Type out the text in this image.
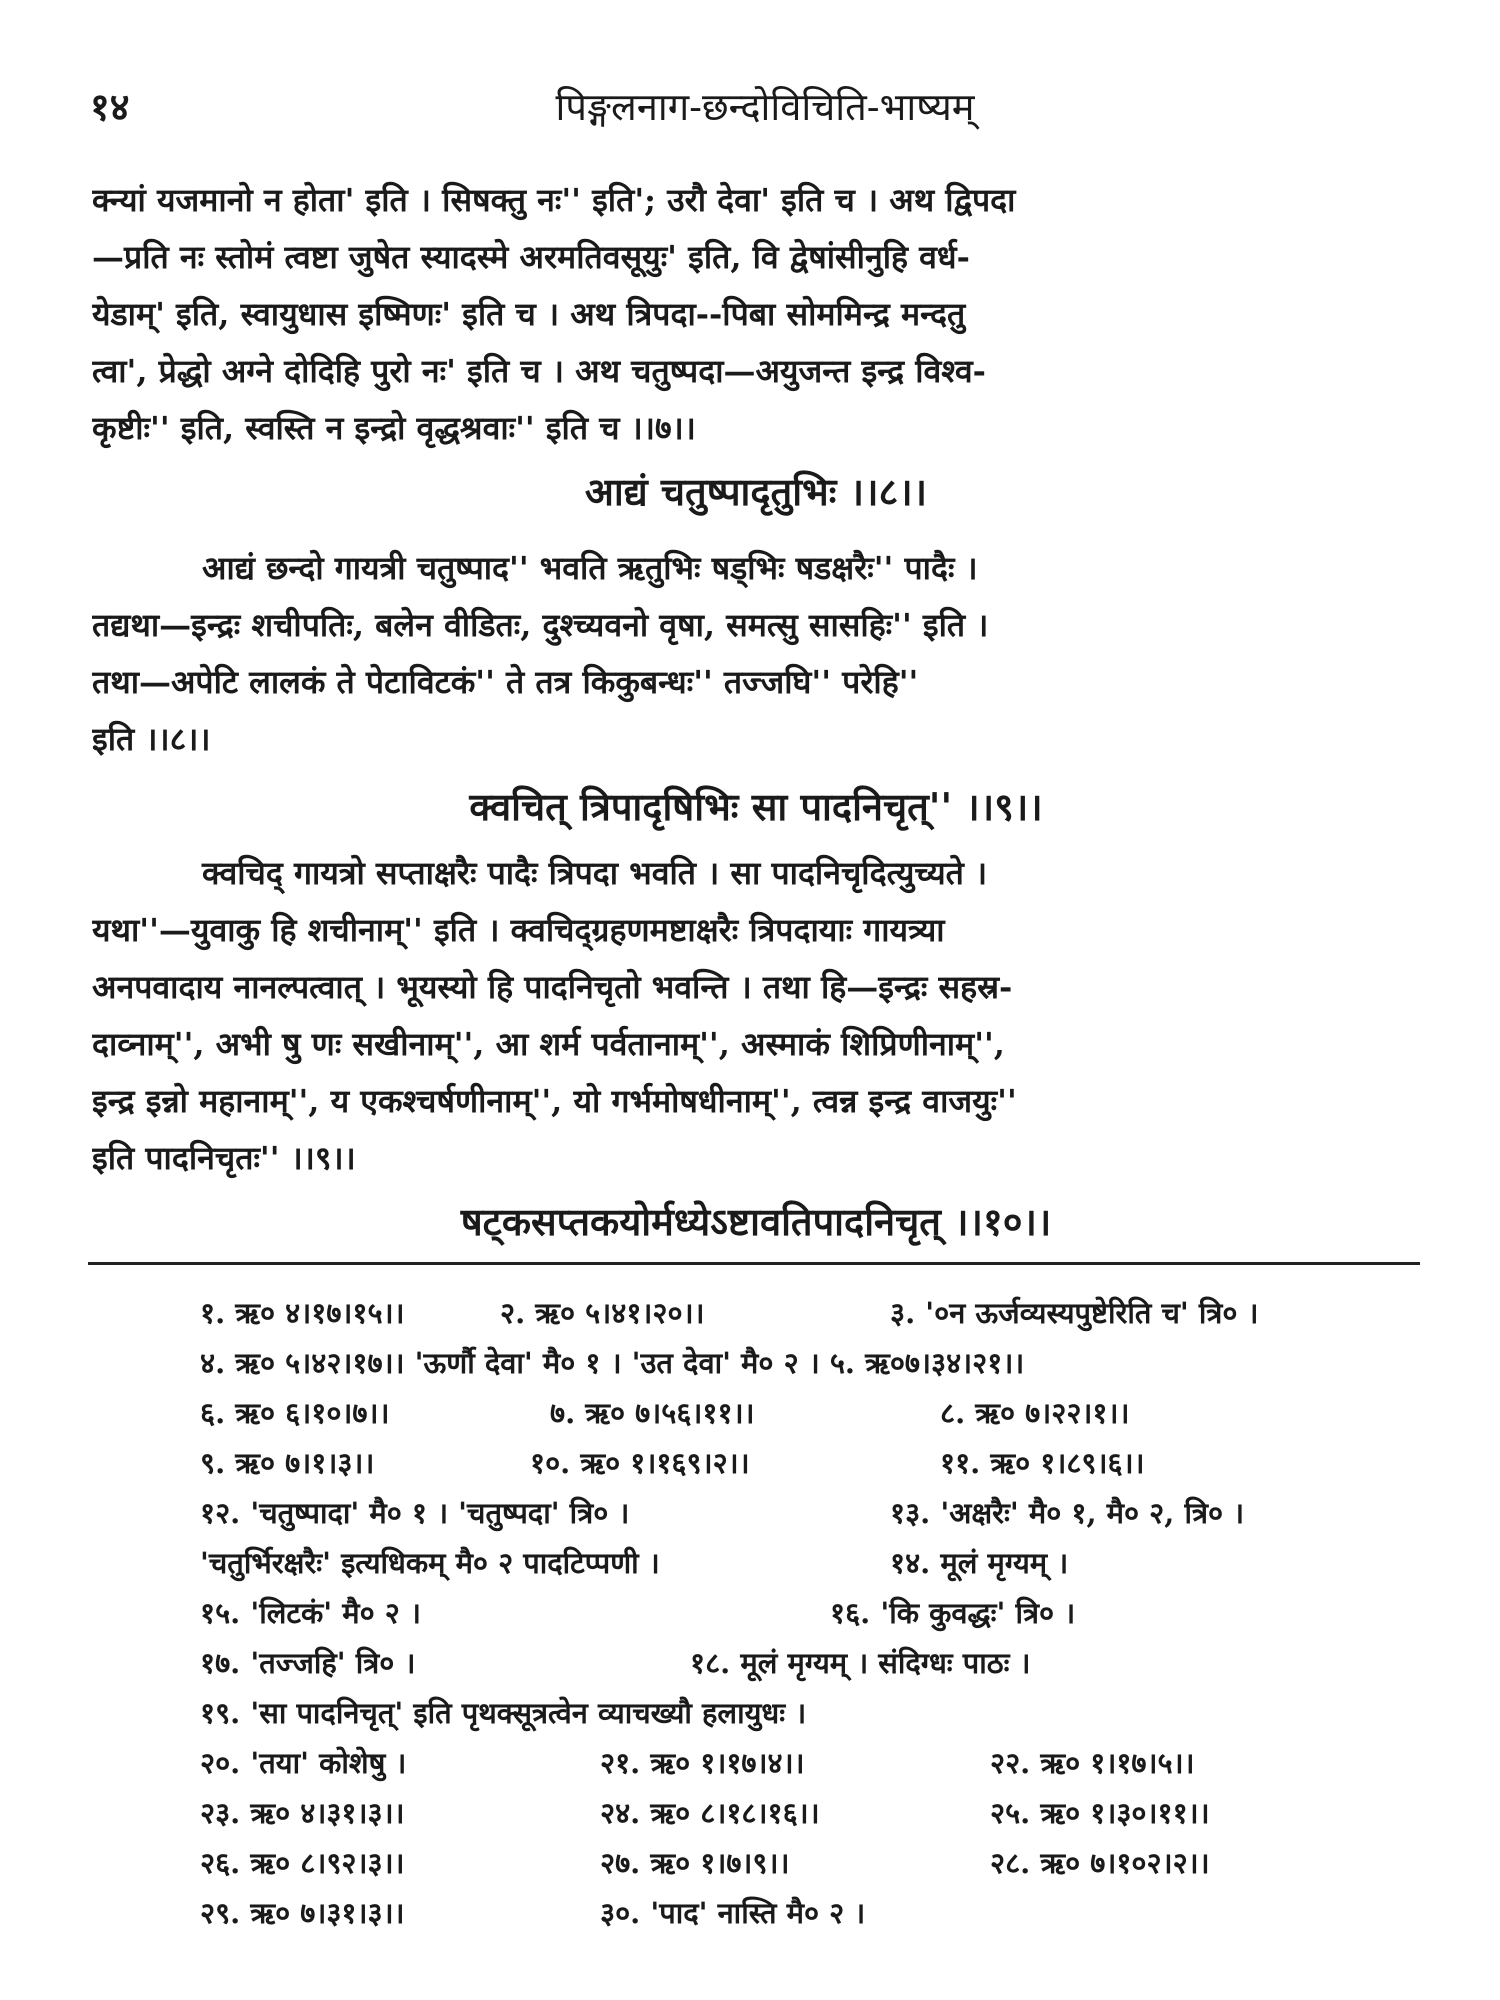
१४	पिङ्गलनाग-छन्दोविचिति-भाष्यम्
क्न्यां यजमानो न होता' इति । सिषक्तु नः'' इति'; उरौ देवा' इति च । अथ द्विपदा
—प्रति नः स्तोमं त्वष्टा जुषेत स्यादस्मे अरमतिवसूयुः' इति, वि द्वेषांसीनुहि वर्ध-
येडाम्' इति, स्वायुधास इष्मिणः' इति च । अथ त्रिपदा--पिबा सोममिन्द्र मन्दतु
त्वा', प्रेद्धो अग्ने दोदिहि पुरो नः' इति च । अथ चतुष्पदा—अयुजन्त इन्द्र विश्व-
कृष्टीः'' इति, स्वस्ति न इन्द्रो वृद्धश्रवाः'' इति च ।।७।।
आद्यं चतुष्पादृतुभिः ।।८।।
आद्यं छन्दो गायत्री चतुष्पाद'' भवति ऋतुभिः षड्भिः षडक्षरैः'' पादैः ।
तद्यथा—इन्द्रः शचीपतिः, बलेन वीडितः, दुश्च्यवनो वृषा, समत्सु सासहिः'' इति ।
तथा—अपेटि लालकं ते पेटाविटकं'' ते तत्र किकुबन्धः'' तज्जघि'' परेहि''
इति ।।८।।
क्वचित् त्रिपादृषिभिः सा पादनिचृत्'' ।।९।।
क्वचिद् गायत्रो सप्ताक्षरैः पादैः त्रिपदा भवति । सा पादनिचृदित्युच्यते ।
यथा''—युवाकु हि शचीनाम्'' इति । क्वचिद्ग्रहणमष्टाक्षरैः त्रिपदायाः गायत्र्या
अनपवादाय नानल्पत्वात् । भूयस्यो हि पादनिचृतो भवन्ति । तथा हि—इन्द्रः सहस्र-
दाव्नाम्'', अभी षु णः सखीनाम्'', आ शर्म पर्वतानाम्'', अस्माकं शिप्रिणीनाम्'',
इन्द्र इन्नो महानाम्'', य एकश्चर्षणीनाम्'', यो गर्भमोषधीनाम्'', त्वन्न इन्द्र वाजयुः''
इति पादनिचृतः'' ।।९।।
षट्कसप्तकयोर्मध्येऽष्टावतिपादनिचृत् ।।१०।।
१. ऋ० ४।१७।१५।।	२. ऋ० ५।४१।२०।।	३. '०न ऊर्जव्यस्यपुष्टेरिति च' त्रि० ।
४. ऋ० ५।४२।१७।। 'ऊर्णौ देवा' मै० १ । 'उत देवा' मै० २ । ५. ऋ०७।३४।२१।।
६. ऋ० ६।१०।७।।	७. ऋ० ७।५६।११।।	८. ऋ० ७।२२।१।।
९. ऋ० ७।१।३।।	१०. ऋ० १।१६९।२।।	११. ऋ० १।८९।६।।
१२. 'चतुष्पादा' मै० १ । 'चतुष्पदा' त्रि० ।	१३. 'अक्षरैः' मै० १, मै० २, त्रि० ।
'चतुर्भिरक्षरैः' इत्यधिकम् मै० २ पादटिप्पणी ।	१४. मूलं मृग्यम् ।
१५. 'लिटकं' मै० २ ।	१६. 'कि कुवद्धः' त्रि० ।
१७. 'तज्जहि' त्रि० ।	१८. मूलं मृग्यम् । संदिग्धः पाठः ।
१९. 'सा पादनिचृत्' इति पृथक्सूत्रत्वेन व्याचख्यौ हलायुधः ।
२०. 'तया' कोशेषु ।	२१. ऋ० १।१७।४।।	२२. ऋ० १।१७।५।।
२३. ऋ० ४।३१।३।।	२४. ऋ० ८।१८।१६।।	२५. ऋ० १।३०।११।।
२६. ऋ० ८।९२।३।।	२७. ऋ० १।७।९।।	२८. ऋ० ७।१०२।२।।
२९. ऋ० ७।३१।३।।	३०. 'पाद' नास्ति मै० २ ।
